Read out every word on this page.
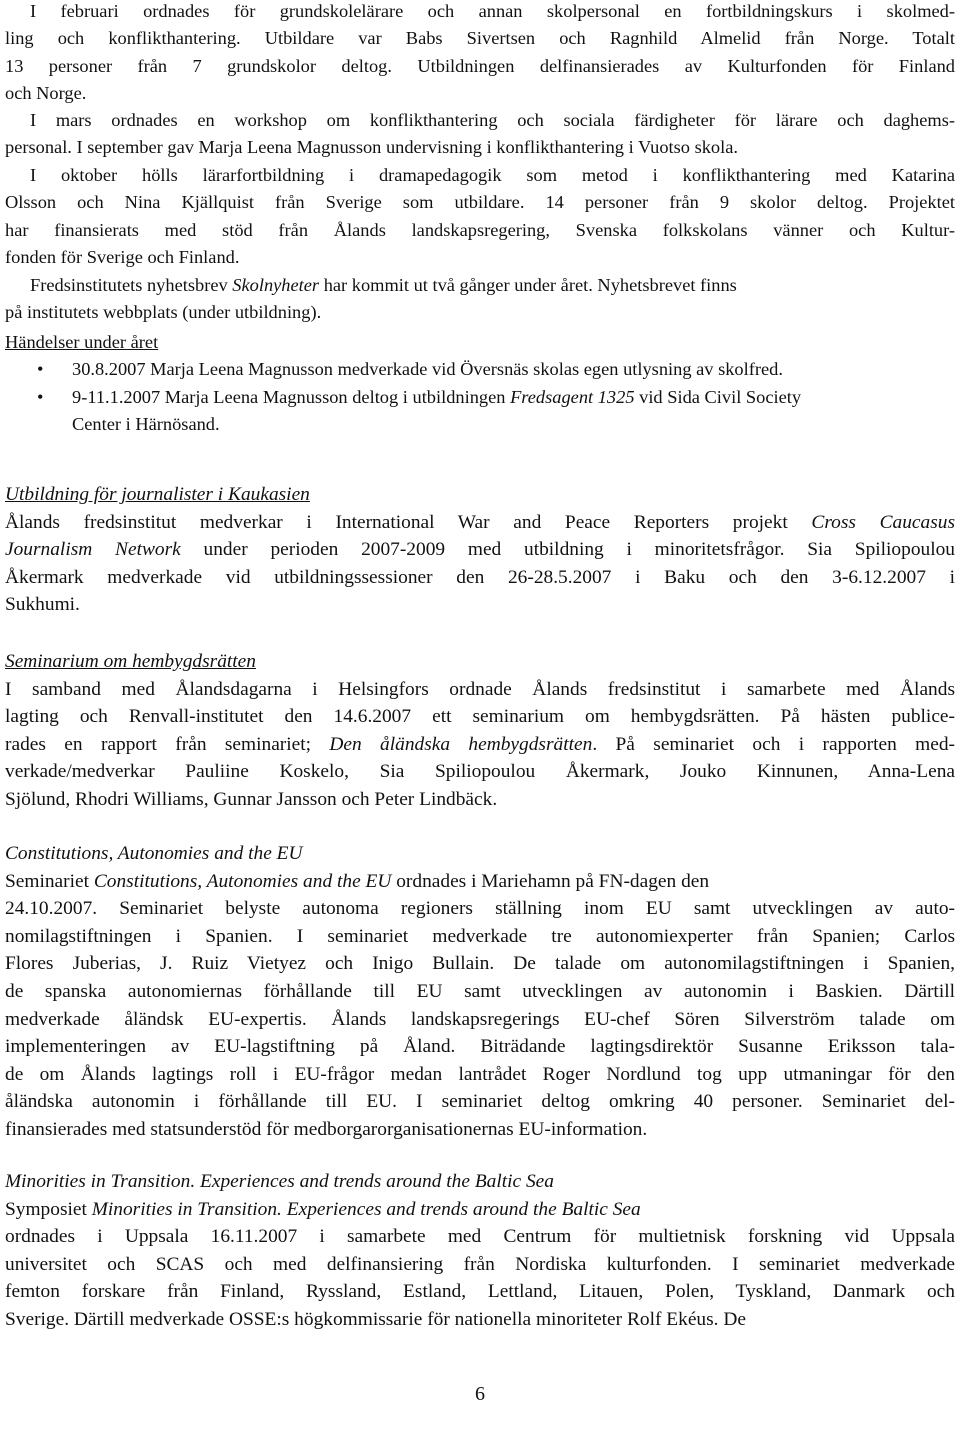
I februari ordnades för grundskolelärare och annan skolpersonal en fortbildningskurs i skolmed-
ling och konflikthantering. Utbildare var Babs Sivertsen och Ragnhild Almelid från Norge. Totalt
13 personer från 7 grundskolor deltog. Utbildningen delfinansierades av Kulturfonden för Finland
och Norge.
I mars ordnades en workshop om konflikthantering och sociala färdigheter för lärare och daghems-
personal. I september gav Marja Leena Magnusson undervisning i konflikthantering i Vuotso skola.
I oktober hölls lärarfortbildning i dramapedagogik som metod i konflikthantering med Katarina
Olsson och Nina Kjällquist från Sverige som utbildare. 14 personer från 9 skolor deltog. Projektet
har finansierats med stöd från Ålands landskapsregering, Svenska folkskolans vänner och Kultur-
fonden för Sverige och Finland.
Fredsinstitutets nyhetsbrev Skolnyheter har kommit ut två gånger under året. Nyhetsbrevet finns
på institutets webbplats (under utbildning).
Händelser under året
• 30.8.2007 Marja Leena Magnusson medverkade vid Översnäs skolas egen utlysning av skolfred.
• 9-11.1.2007 Marja Leena Magnusson deltog i utbildningen Fredsagent 1325 vid Sida Civil Society
Center i Härnösand.
Utbildning för journalister i Kaukasien
Ålands fredsinstitut medverkar i International War and Peace Reporters projekt Cross Caucasus
Journalism Network under perioden 2007-2009 med utbildning i minoritetsfrågor. Sia Spiliopoulou
Åkermark medverkade vid utbildningssessioner den 26-28.5.2007 i Baku och den 3-6.12.2007 i
Sukhumi.
Seminarium om hembygdsrätten
I samband med Ålandsdagarna i Helsingfors ordnade Ålands fredsinstitut i samarbete med Ålands
lagting och Renvall-institutet den 14.6.2007 ett seminarium om hembygdsrätten. På hästen publice-
rades en rapport från seminariet; Den åländska hembygdsrätten. På seminariet och i rapporten med-
verkade/medverkar Pauliine Koskelo, Sia Spiliopoulou Åkermark, Jouko Kinnunen, Anna-Lena
Sjölund, Rhodri Williams, Gunnar Jansson och Peter Lindbäck.
Constitutions, Autonomies and the EU
Seminariet Constitutions, Autonomies and the EU ordnades i Mariehamn på FN-dagen den
24.10.2007. Seminariet belyste autonoma regioners ställning inom EU samt utvecklingen av auto-
nomilagstiftningen i Spanien. I seminariet medverkade tre autonomiexperter från Spanien; Carlos
Flores Juberias, J. Ruiz Vietyez och Inigo Bullain. De talade om autonomilagstiftningen i Spanien,
de spanska autonomiernas förhållande till EU samt utvecklingen av autonomin i Baskien. Därtill
medverkade åländsk EU-expertis. Ålands landskapsregerings EU-chef Sören Silverström talade om
implementeringen av EU-lagstiftning på Åland. Biträdande lagtingsdirektör Susanne Eriksson tala-
de om Ålands lagtings roll i EU-frågor medan lantrådet Roger Nordlund tog upp utmaningar för den
åländska autonomin i förhållande till EU. I seminariet deltog omkring 40 personer. Seminariet del-
finansierades med statsunderstöd för medborgarorganisationernas EU-information.
Minorities in Transition. Experiences and trends around the Baltic Sea
Symposiet Minorities in Transition. Experiences and trends around the Baltic Sea
ordnades i Uppsala 16.11.2007 i samarbete med Centrum för multietnisk forskning vid Uppsala
universitet och SCAS och med delfinansiering från Nordiska kulturfonden. I seminariet medverkade
femton forskare från Finland, Ryssland, Estland, Lettland, Litauen, Polen, Tyskland, Danmark och
Sverige. Därtill medverkade OSSE:s högkommissarie för nationella minoriteter Rolf Ekéus. De
6
